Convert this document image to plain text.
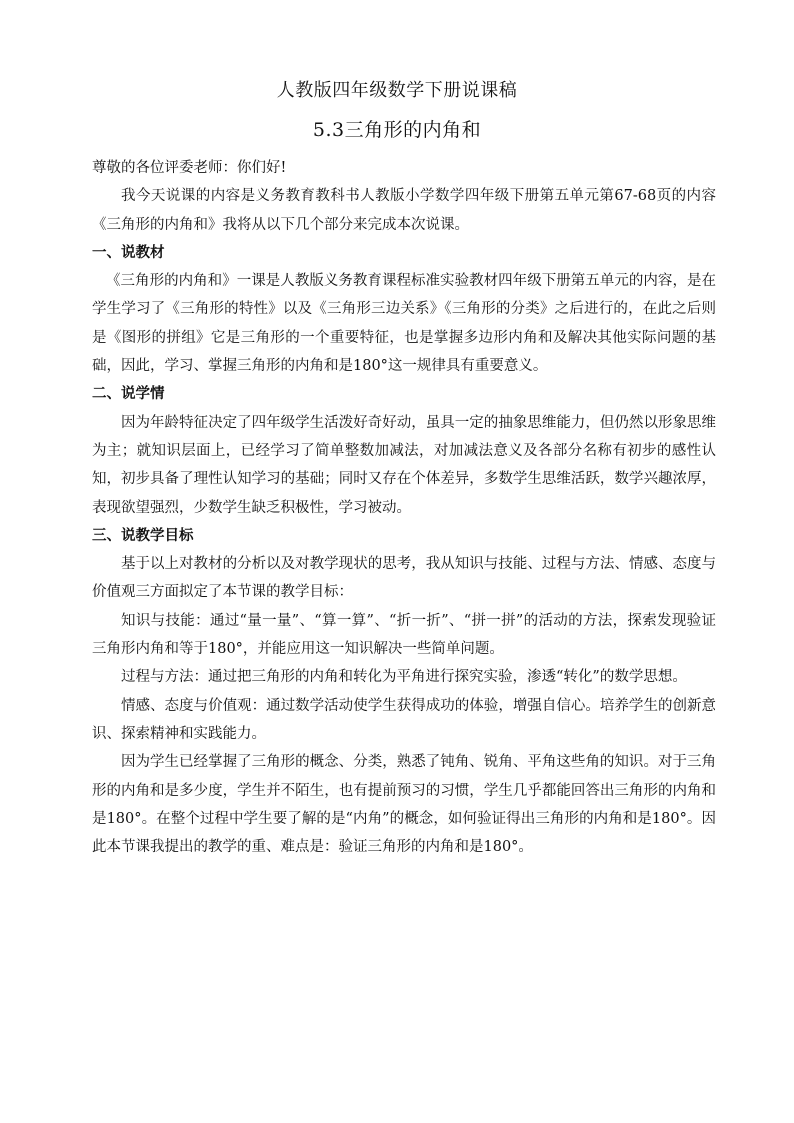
人教版四年级数学下册说课稿
5.3三角形的内角和

尊敬的各位评委老师：你们好!

我今天说课的内容是义务教育教科书人教版小学数学四年级下册第五单元第67-68页的内容《三角形的内角和》我将从以下几个部分来完成本次说课。

一、说教材

《三角形的内角和》一课是人教版义务教育课程标准实验教材四年级下册第五单元的内容，是在学生学习了《三角形的特性》以及《三角形三边关系》《三角形的分类》之后进行的，在此之后则是《图形的拼组》它是三角形的一个重要特征，也是掌握多边形内角和及解决其他实际问题的基础，因此，学习、掌握三角形的内角和是180°这一规律具有重要意义。

二、说学情

因为年龄特征决定了四年级学生活泼好奇好动，虽具一定的抽象思维能力，但仍然以形象思维为主；就知识层面上，已经学习了简单整数加减法，对加减法意义及各部分名称有初步的感性认知，初步具备了理性认知学习的基础；同时又存在个体差异，多数学生思维活跃，数学兴趣浓厚，表现欲望强烈，少数学生缺乏积极性，学习被动。

三、说教学目标

基于以上对教材的分析以及对教学现状的思考，我从知识与技能、过程与方法、情感、态度与价值观三方面拟定了本节课的教学目标：

知识与技能：通过“量一量”、“算一算”、“折一折”、“拼一拼”的活动的方法，探索发现验证三角形内角和等于180°，并能应用这一知识解决一些简单问题。

过程与方法：通过把三角形的内角和转化为平角进行探究实验，渗透“转化”的数学思想。

情感、态度与价值观：通过数学活动使学生获得成功的体验，增强自信心。培养学生的创新意识、探索精神和实践能力。

因为学生已经掌握了三角形的概念、分类，熟悉了钝角、锐角、平角这些角的知识。对于三角形的内角和是多少度，学生并不陌生，也有提前预习的习惯，学生几乎都能回答出三角形的内角和是180°。在整个过程中学生要了解的是“内角”的概念，如何验证得出三角形的内角和是180°。因此本节课我提出的教学的重、难点是：验证三角形的内角和是180°。
